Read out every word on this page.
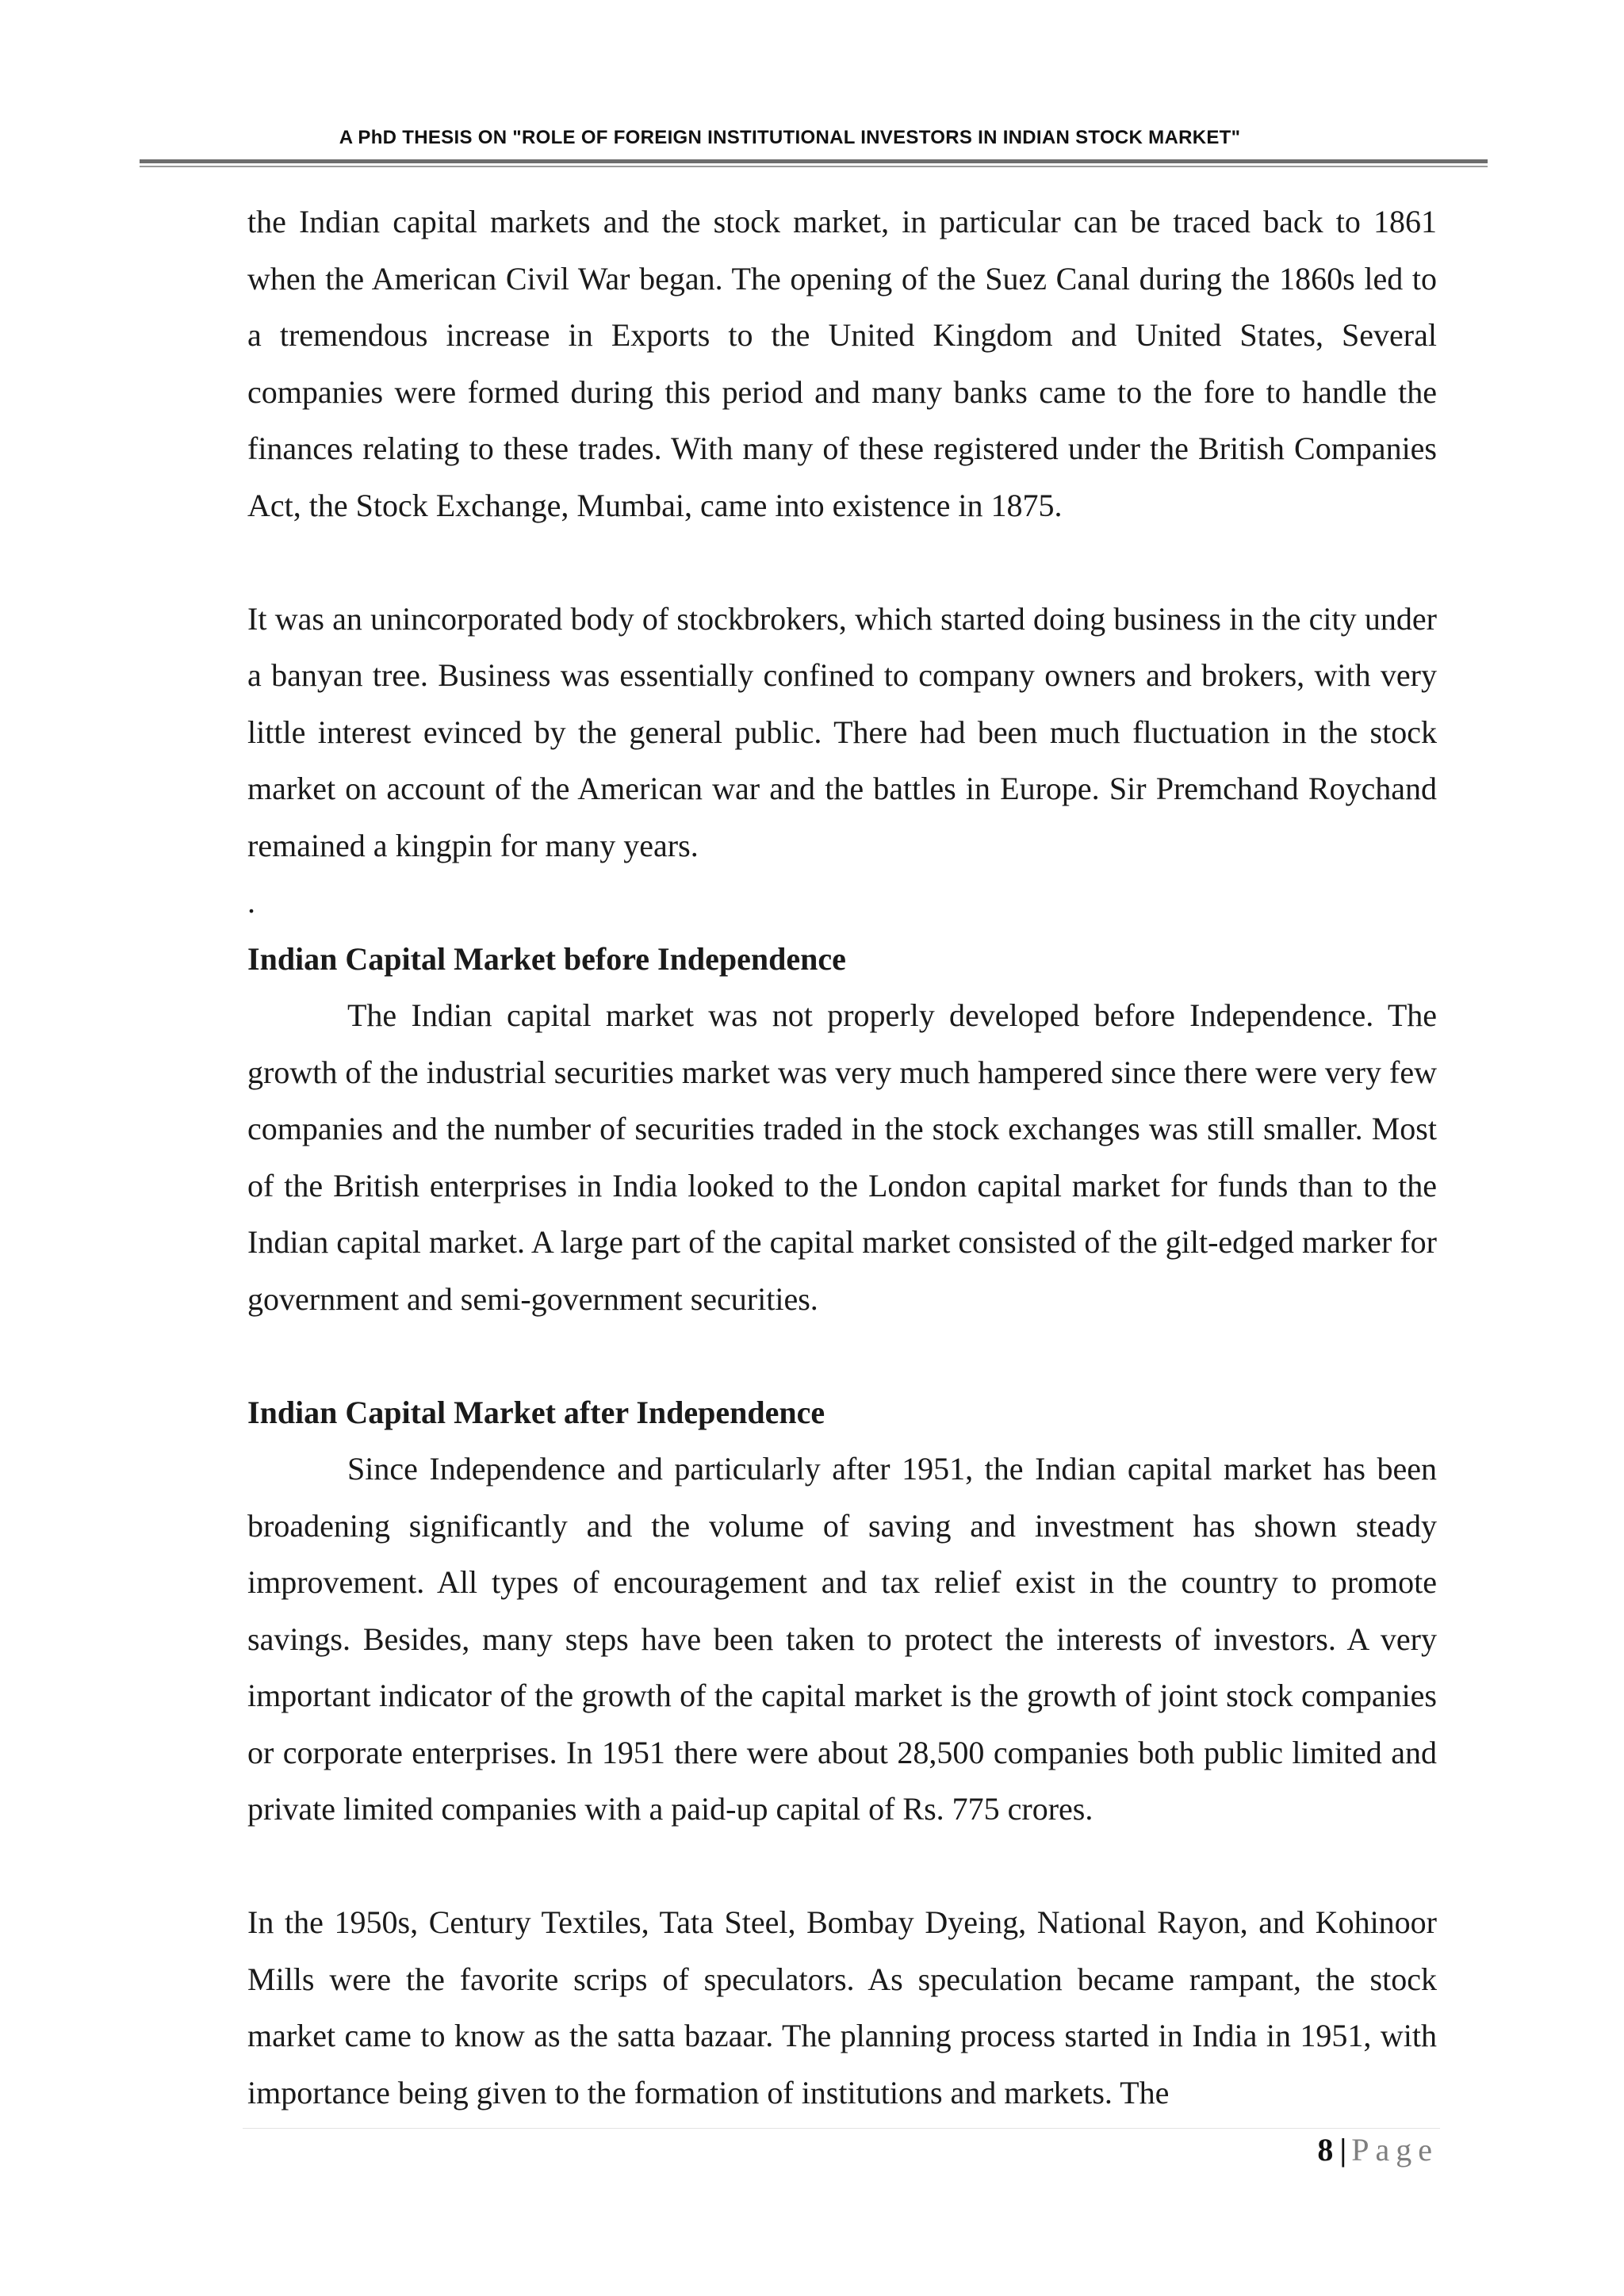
A PhD THESIS ON "ROLE OF FOREIGN INSTITUTIONAL INVESTORS IN INDIAN STOCK MARKET"

the Indian capital markets and the stock market, in particular can be traced back to 1861 when the American Civil War began. The opening of the Suez Canal during the 1860s led to a tremendous increase in Exports to the United Kingdom and United States, Several companies were formed during this period and many banks came to the fore to handle the finances relating to these trades. With many of these registered under the British Companies Act, the Stock Exchange, Mumbai, came into existence in 1875.

It was an unincorporated body of stockbrokers, which started doing business in the city under a banyan tree. Business was essentially confined to company owners and brokers, with very little interest evinced by the general public. There had been much fluctuation in the stock market on account of the American war and the battles in Europe. Sir Premchand Roychand remained a kingpin for many years.

.

Indian Capital Market before Independence

The Indian capital market was not properly developed before Independence. The growth of the industrial securities market was very much hampered since there were very few companies and the number of securities traded in the stock exchanges was still smaller. Most of the British enterprises in India looked to the London capital market for funds than to the Indian capital market. A large part of the capital market consisted of the gilt-edged marker for government and semi-government securities.

Indian Capital Market after Independence

Since Independence and particularly after 1951, the Indian capital market has been broadening significantly and the volume of saving and investment has shown steady improvement. All types of encouragement and tax relief exist in the country to promote savings. Besides, many steps have been taken to protect the interests of investors. A very important indicator of the growth of the capital market is the growth of joint stock companies or corporate enterprises. In 1951 there were about 28,500 companies both public limited and private limited companies with a paid-up capital of Rs. 775 crores.

In the 1950s, Century Textiles, Tata Steel, Bombay Dyeing, National Rayon, and Kohinoor Mills were the favorite scrips of speculators. As speculation became rampant, the stock market came to know as the satta bazaar. The planning process started in India in 1951, with importance being given to the formation of institutions and markets. The

8 | Page
